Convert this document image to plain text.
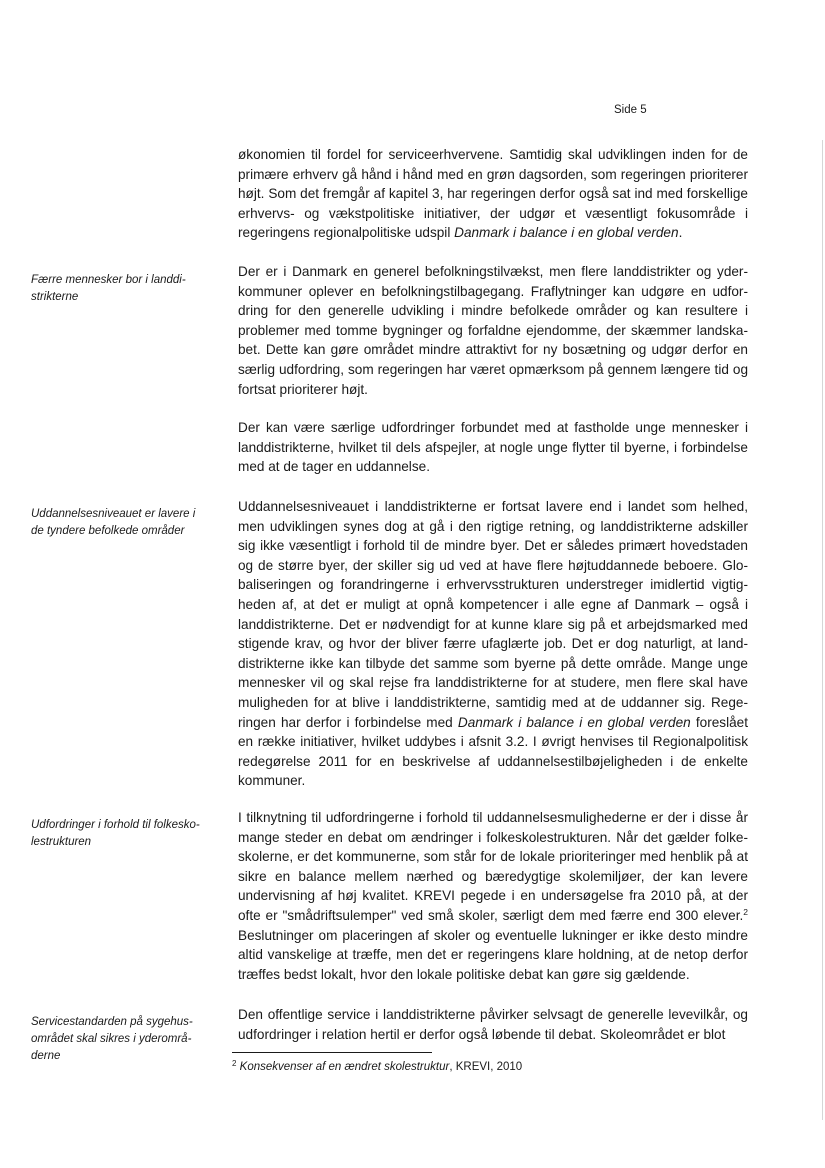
Side 5
Færre mennesker bor i landdi-
strikterne
Uddannelsesniveauet er lavere i
de tyndere befolkede områder
Udfordringer i forhold til folkesko-
lestrukturen
Servicestandarden på sygehus-
området skal sikres i yderområ-
derne

økonomien til fordel for serviceerhvervene. Samtidig skal udviklingen inden for de primære erhverv gå hånd i hånd med en grøn dagsorden, som regeringen prioriterer højt. Som det fremgår af kapitel 3, har regeringen derfor også sat ind med forskellige erhvervs- og vækstpolitiske initiativer, der udgør et væsentligt fokusområde i regeringens regionalpolitiske udspil Danmark i balance i en global verden.

Der er i Danmark en generel befolkningstilvækst, men flere landdistrikter og yderkommuner oplever en befolkningstilbagegang. Fraflytninger kan udgøre en udfordring for den generelle udvikling i mindre befolkede områder og kan resultere i problemer med tomme bygninger og forfaldne ejendomme, der skæmmer landskabet. Dette kan gøre området mindre attraktivt for ny bosætning og udgør derfor en særlig udfordring, som regeringen har været opmærksom på gennem længere tid og fortsat prioriterer højt.

Der kan være særlige udfordringer forbundet med at fastholde unge mennesker i landdistrikterne, hvilket til dels afspejler, at nogle unge flytter til byerne, i forbindelse med at de tager en uddannelse.

Uddannelsesniveauet i landdistrikterne er fortsat lavere end i landet som helhed, men udviklingen synes dog at gå i den rigtige retning, og landdistrikterne adskiller sig ikke væsentligt i forhold til de mindre byer. Det er således primært hovedstaden og de større byer, der skiller sig ud ved at have flere højtuddannede beboere. Globaliseringen og forandringerne i erhvervsstrukturen understreger imidlertid vigtigheden af, at det er muligt at opnå kompetencer i alle egne af Danmark – også i landdistrikterne. Det er nødvendigt for at kunne klare sig på et arbejdsmarked med stigende krav, og hvor der bliver færre ufaglærte job. Det er dog naturligt, at landdistrikterne ikke kan tilbyde det samme som byerne på dette område. Mange unge mennesker vil og skal rejse fra landdistrikterne for at studere, men flere skal have muligheden for at blive i landdistrikterne, samtidig med at de uddanner sig. Regeringen har derfor i forbindelse med Danmark i balance i en global verden foreslået en række initiativer, hvilket uddybes i afsnit 3.2. I øvrigt henvises til Regionalpolitisk redegørelse 2011 for en beskrivelse af uddannelsestilbøjeligheden i de enkelte kommuner.

I tilknytning til udfordringerne i forhold til uddannelsesmulighederne er der i disse år mange steder en debat om ændringer i folkeskolestrukturen. Når det gælder folkeskolerne, er det kommunerne, som står for de lokale prioriteringer med henblik på at sikre en balance mellem nærhed og bæredygtige skolemiljøer, der kan levere undervisning af høj kvalitet. KREVI pegede i en undersøgelse fra 2010 på, at der ofte er "smådriftsulemper" ved små skoler, særligt dem med færre end 300 elever.$^2$ Beslutninger om placeringen af skoler og eventuelle lukninger er ikke desto mindre altid vanskelige at træffe, men det er regeringens klare holdning, at de netop derfor træffes bedst lokalt, hvor den lokale politiske debat kan gøre sig gældende.

Den offentlige service i landdistrikterne påvirker selvsagt de generelle levevilkår, og udfordringer i relation hertil er derfor også løbende til debat. Skoleområdet er blot

$^2$ Konsekvenser af en ændret skolestruktur, KREVI, 2010
